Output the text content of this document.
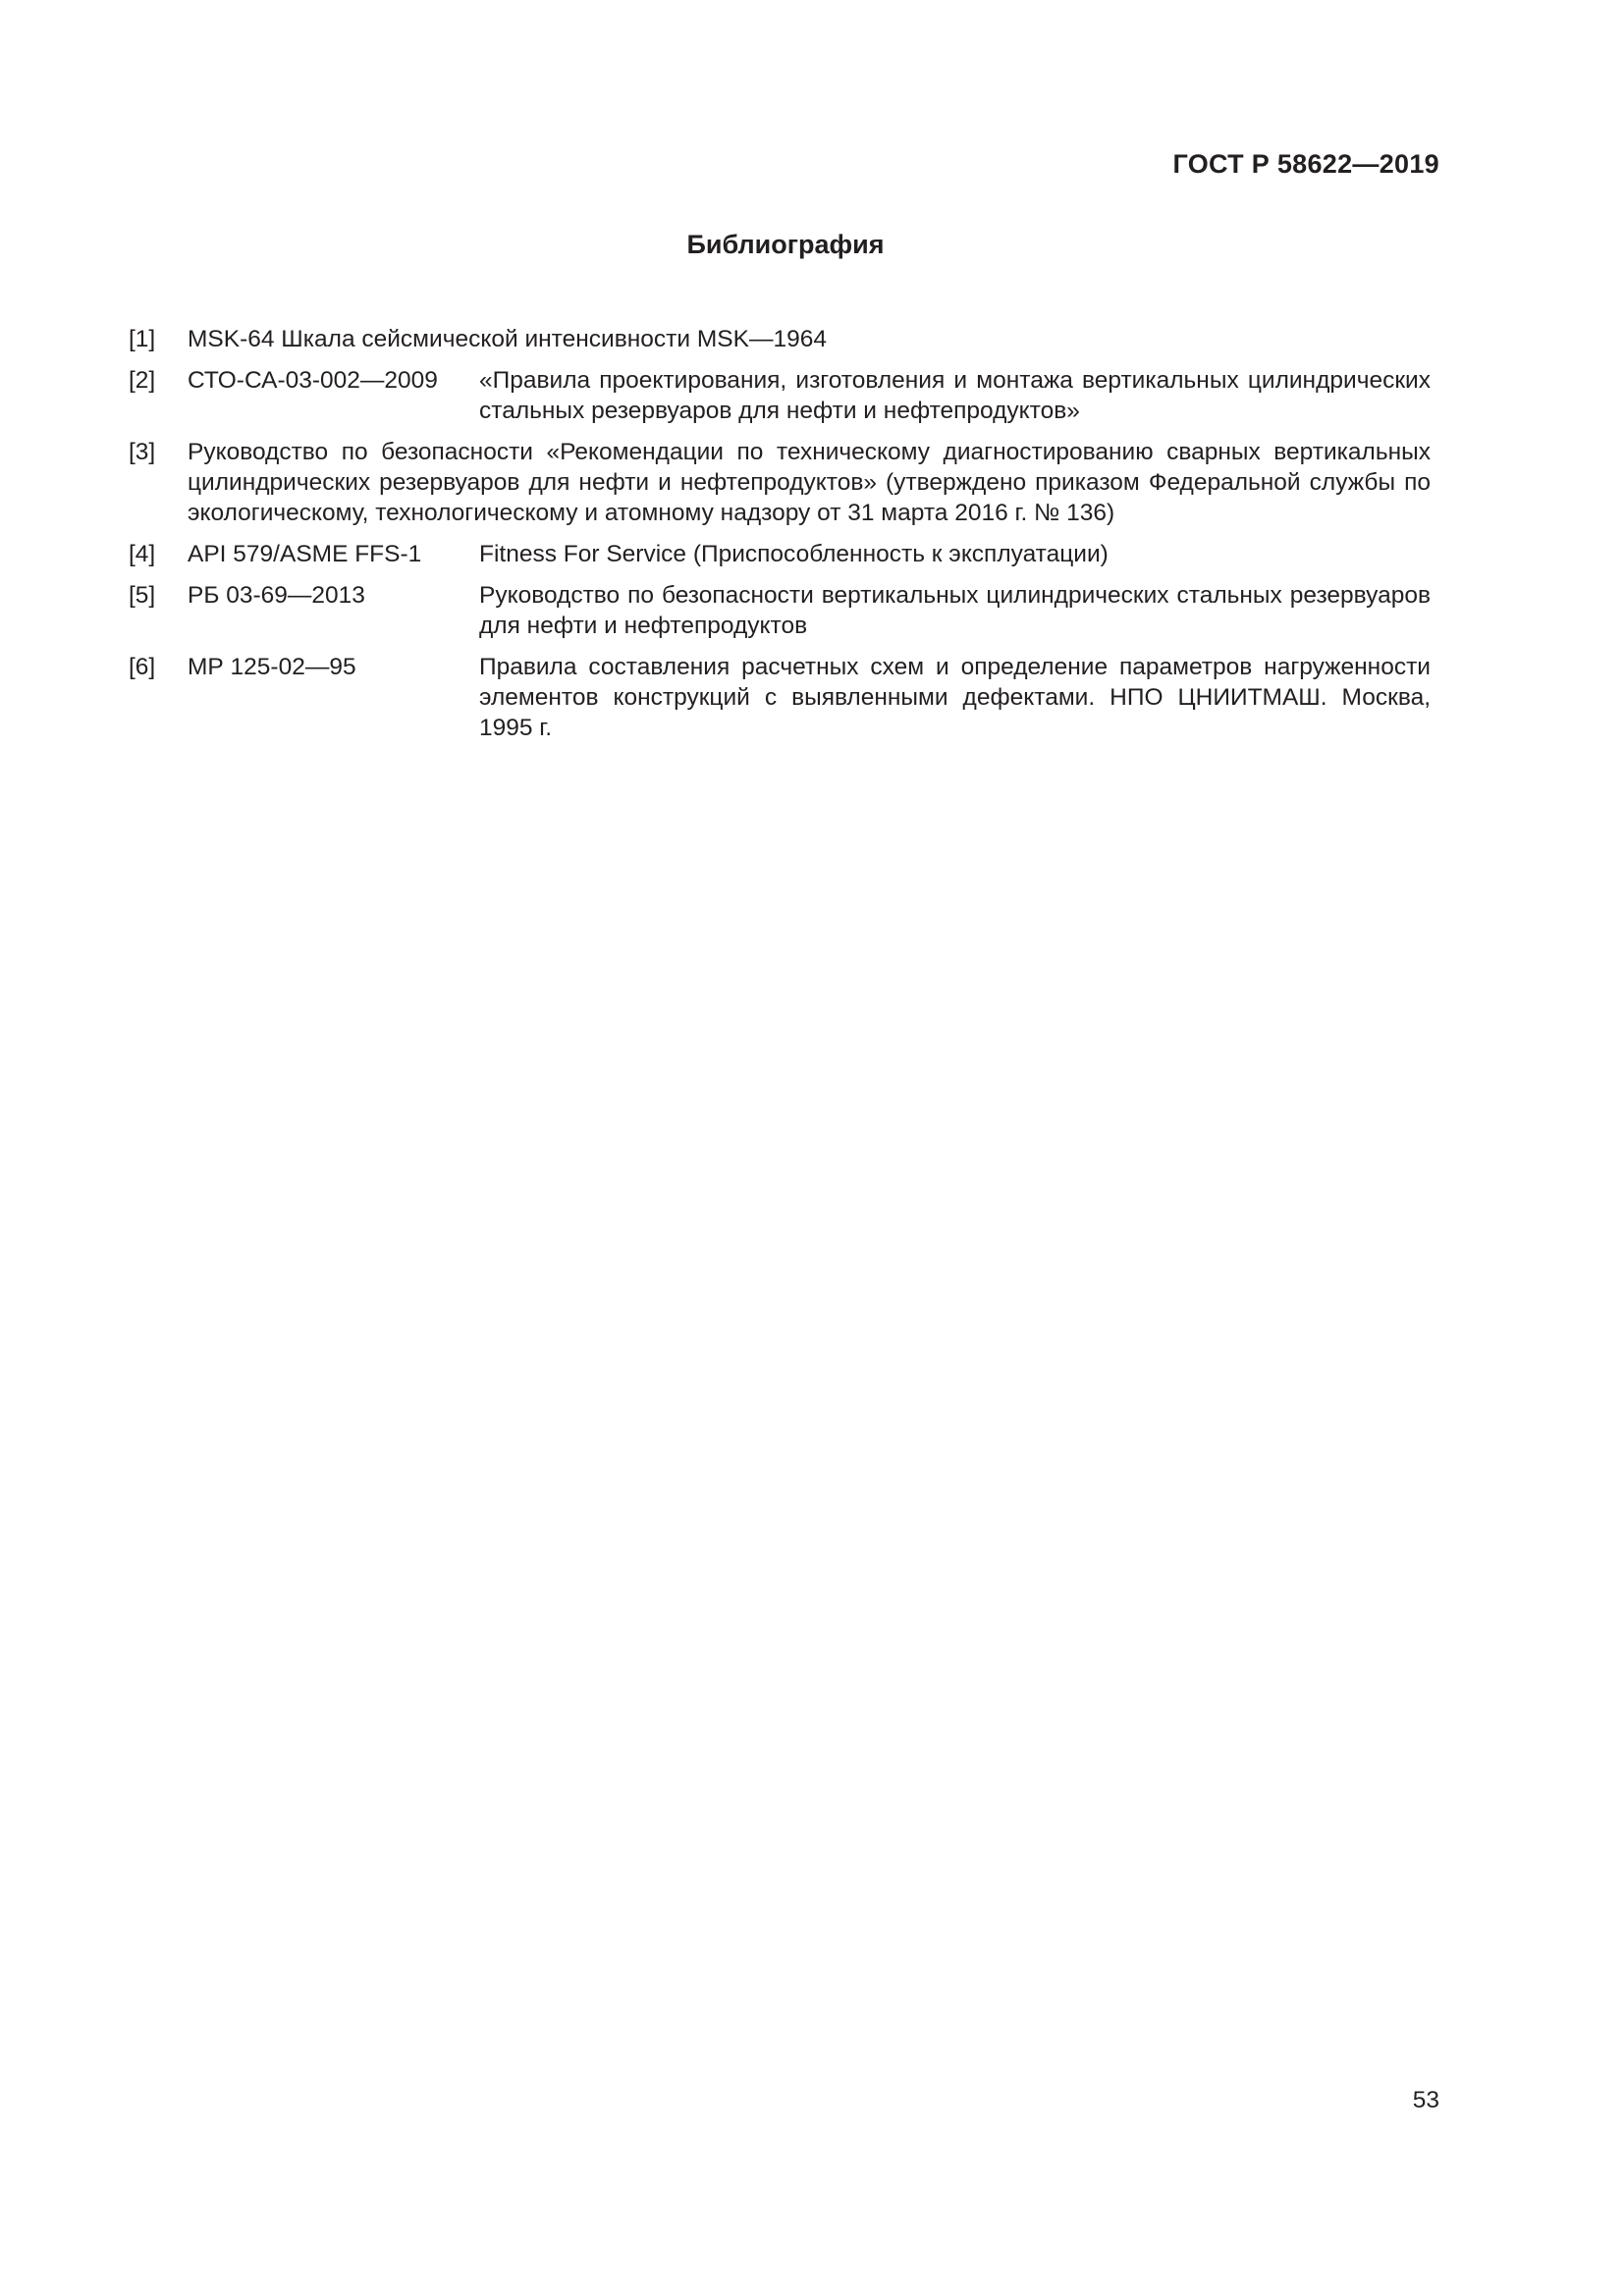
ГОСТ Р 58622—2019
Библиография
[1]	MSK-64 Шкала сейсмической интенсивности MSK—1964
[2]	СТО-СА-03-002—2009	«Правила проектирования, изготовления и монтажа вертикальных цилиндрических стальных резервуаров для нефти и нефтепродуктов»
[3]	Руководство по безопасности «Рекомендации по техническому диагностированию сварных вертикальных цилиндрических резервуаров для нефти и нефтепродуктов» (утверждено приказом Федеральной службы по экологическому, технологическому и атомному надзору от 31 марта 2016 г. № 136)
[4]	API 579/ASME FFS-1	Fitness For Service (Приспособленность к эксплуатации)
[5]	РБ 03-69—2013	Руководство по безопасности вертикальных цилиндрических стальных резервуаров для нефти и нефтепродуктов
[6]	МР 125-02—95	Правила составления расчетных схем и определение параметров нагруженности элементов конструкций с выявленными дефектами. НПО ЦНИИТМАШ. Москва, 1995 г.
53
